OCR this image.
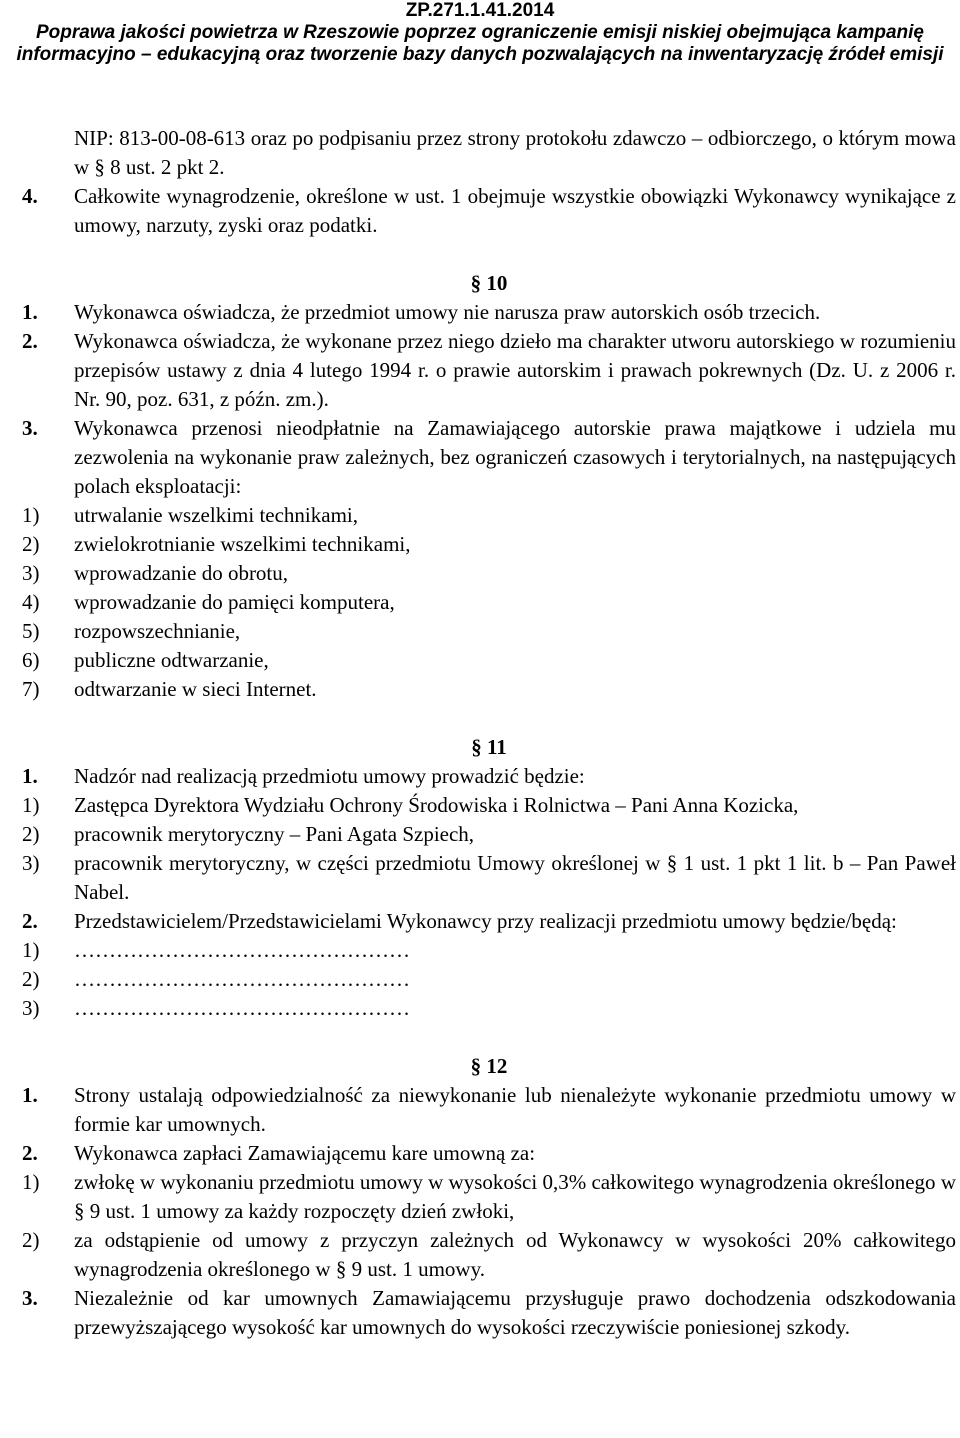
ZP.271.1.41.2014
Poprawa jakości powietrza w Rzeszowie poprzez ograniczenie emisji niskiej obejmująca kampanię
informacyjno – edukacyjną oraz tworzenie bazy danych pozwalających na inwentaryzację źródeł emisji
NIP: 813-00-08-613 oraz po podpisaniu przez strony protokołu zdawczo – odbiorczego, o którym mowa w § 8 ust. 2 pkt 2.
4.	Całkowite wynagrodzenie, określone w ust. 1 obejmuje wszystkie obowiązki Wykonawcy wynikające z umowy, narzuty, zyski oraz podatki.
§ 10
1.	Wykonawca oświadcza, że przedmiot umowy nie narusza praw autorskich osób trzecich.
2.	Wykonawca oświadcza, że wykonane przez niego dzieło ma charakter utworu autorskiego w rozumieniu przepisów ustawy z dnia 4 lutego 1994 r. o prawie autorskim i prawach pokrewnych (Dz. U. z 2006 r. Nr. 90, poz. 631, z późn. zm.).
3.	Wykonawca przenosi nieodpłatnie na Zamawiającego autorskie prawa majątkowe i udziela mu zezwolenia na wykonanie praw zależnych, bez ograniczeń czasowych i terytorialnych, na następujących polach eksploatacji:
1)	utrwalanie wszelkimi technikami,
2)	zwielokrotnianie wszelkimi technikami,
3)	wprowadzanie do obrotu,
4)	wprowadzanie do pamięci komputera,
5)	rozpowszechnianie,
6)	publiczne odtwarzanie,
7)	odtwarzanie w sieci Internet.
§ 11
1.	Nadzór nad realizacją przedmiotu umowy prowadzić będzie:
1)	Zastępca Dyrektora Wydziału Ochrony Środowiska i Rolnictwa – Pani Anna Kozicka,
2)	pracownik merytoryczny – Pani Agata Szpiech,
3)	pracownik merytoryczny, w części przedmiotu Umowy określonej w § 1 ust. 1 pkt 1 lit. b – Pan Paweł Nabel.
2.	Przedstawicielem/Przedstawicielami Wykonawcy przy realizacji przedmiotu umowy będzie/będą:
1)	…………………………………………
2)	…………………………………………
3)	…………………………………………
§ 12
1.	Strony ustalają odpowiedzialność za niewykonanie lub nienależyte wykonanie przedmiotu umowy w formie kar umownych.
2.	Wykonawca zapłaci Zamawiającemu kare umowną za:
1)	zwłokę w wykonaniu przedmiotu umowy w wysokości 0,3% całkowitego wynagrodzenia określonego w § 9 ust. 1 umowy za każdy rozpoczęty dzień zwłoki,
2)	za odstąpienie od umowy z przyczyn zależnych od Wykonawcy w wysokości 20% całkowitego wynagrodzenia określonego w § 9 ust. 1 umowy.
3.	Niezależnie od kar umownych Zamawiającemu przysługuje prawo dochodzenia odszkodowania przewyższającego wysokość kar umownych do wysokości rzeczywiście poniesionej szkody.
